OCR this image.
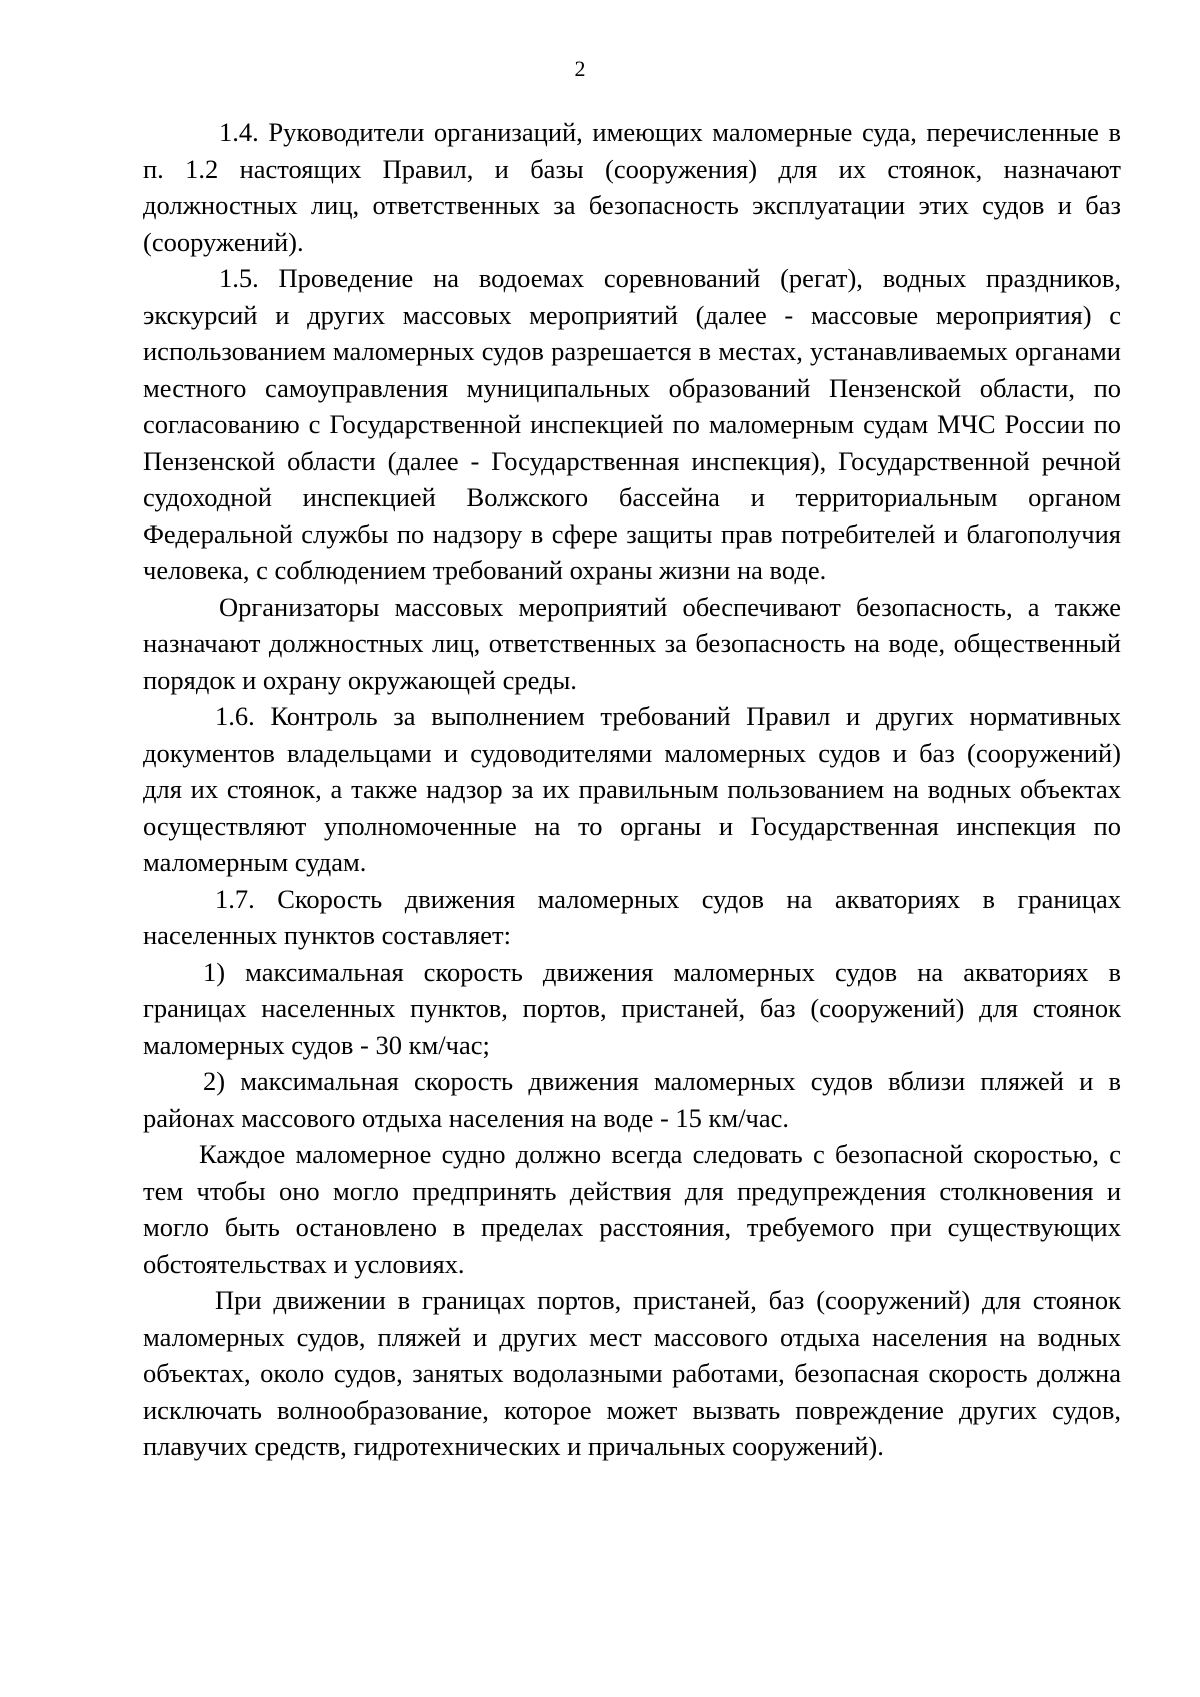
2

1.4. Руководители организаций, имеющих маломерные суда, перечисленные в п. 1.2 настоящих Правил, и базы (сооружения) для их стоянок, назначают должностных лиц, ответственных за безопасность эксплуатации этих судов и баз (сооружений).

1.5. Проведение на водоемах соревнований (регат), водных праздников, экскурсий и других массовых мероприятий (далее - массовые мероприятия) с использованием маломерных судов разрешается в местах, устанавливаемых органами местного самоуправления муниципальных образований Пензенской области, по согласованию с Государственной инспекцией по маломерным судам МЧС России по Пензенской области (далее - Государственная инспекция), Государственной речной судоходной инспекцией Волжского бассейна и территориальным органом Федеральной службы по надзору в сфере защиты прав потребителей и благополучия человека, с соблюдением требований охраны жизни на воде.

Организаторы массовых мероприятий обеспечивают безопасность, а также назначают должностных лиц, ответственных за безопасность на воде, общественный порядок и охрану окружающей среды.

1.6. Контроль за выполнением требований Правил и других нормативных документов владельцами и судоводителями маломерных судов и баз (сооружений) для их стоянок, а также надзор за их правильным пользованием на водных объектах осуществляют уполномоченные на то органы и Государственная инспекция по маломерным судам.

1.7. Скорость движения маломерных судов на акваториях в границах населенных пунктов составляет:

1) максимальная скорость движения маломерных судов на акваториях в границах населенных пунктов, портов, пристаней, баз (сооружений) для стоянок маломерных судов - 30 км/час;

2) максимальная скорость движения маломерных судов вблизи пляжей и в районах массового отдыха населения на воде - 15 км/час.

Каждое маломерное судно должно всегда следовать с безопасной скоростью, с тем чтобы оно могло предпринять действия для предупреждения столкновения и могло быть остановлено в пределах расстояния, требуемого при существующих обстоятельствах и условиях.

При движении в границах портов, пристаней, баз (сооружений) для стоянок маломерных судов, пляжей и других мест массового отдыха населения на водных объектах, около судов, занятых водолазными работами, безопасная скорость должна исключать волнообразование, которое может вызвать повреждение других судов, плавучих средств, гидротехнических и причальных сооружений).
